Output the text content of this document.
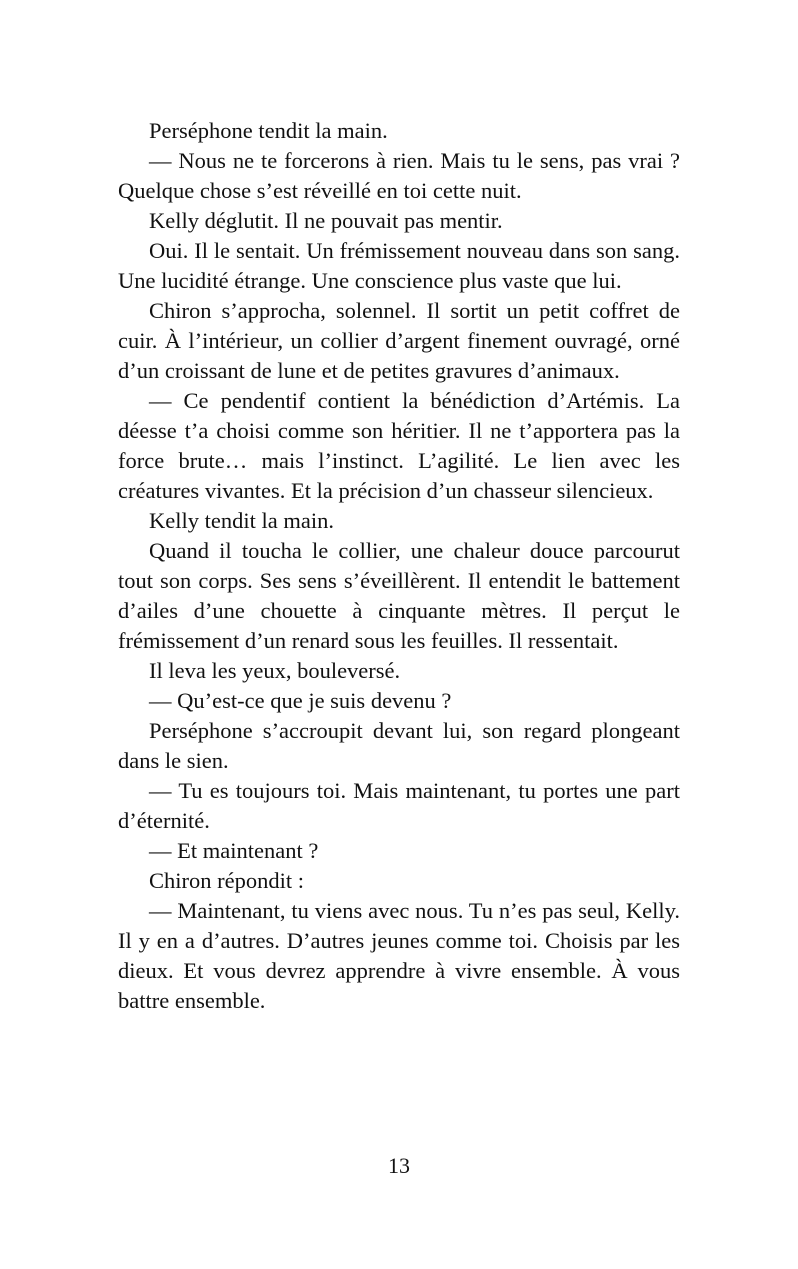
Perséphone tendit la main.

— Nous ne te forcerons à rien. Mais tu le sens, pas vrai ? Quelque chose s’est réveillé en toi cette nuit.

Kelly déglutit. Il ne pouvait pas mentir.

Oui. Il le sentait. Un frémissement nouveau dans son sang. Une lucidité étrange. Une conscience plus vaste que lui.

Chiron s’approcha, solennel. Il sortit un petit coffret de cuir. À l’intérieur, un collier d’argent finement ouvragé, orné d’un croissant de lune et de petites gravures d’animaux.

— Ce pendentif contient la bénédiction d’Artémis. La déesse t’a choisi comme son héritier. Il ne t’apportera pas la force brute… mais l’instinct. L’agilité. Le lien avec les créatures vivantes. Et la précision d’un chasseur silencieux.

Kelly tendit la main.

Quand il toucha le collier, une chaleur douce parcourut tout son corps. Ses sens s’éveillèrent. Il entendit le battement d’ailes d’une chouette à cinquante mètres. Il perçut le frémissement d’un renard sous les feuilles. Il ressentait.

Il leva les yeux, bouleversé.

— Qu’est-ce que je suis devenu ?

Perséphone s’accroupit devant lui, son regard plongeant dans le sien.

— Tu es toujours toi. Mais maintenant, tu portes une part d’éternité.

— Et maintenant ?

Chiron répondit :

— Maintenant, tu viens avec nous. Tu n’es pas seul, Kelly. Il y en a d’autres. D’autres jeunes comme toi. Choisis par les dieux. Et vous devrez apprendre à vivre ensemble. À vous battre ensemble.

13
